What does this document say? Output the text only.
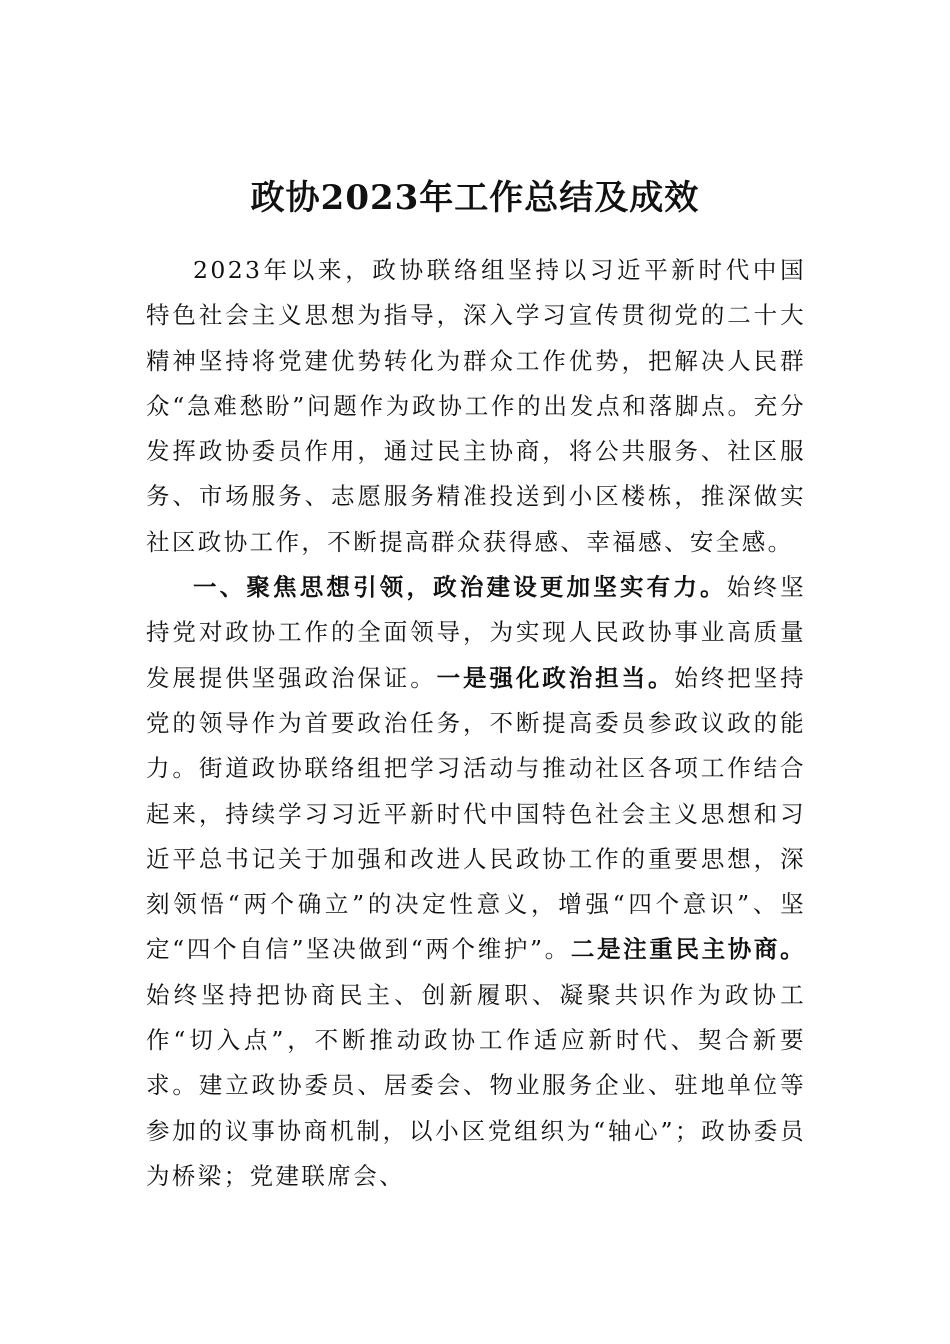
政协2023年工作总结及成效

2023年以来，政协联络组坚持以习近平新时代中国特色社会主义思想为指导，深入学习宣传贯彻党的二十大精神坚持将党建优势转化为群众工作优势，把解决人民群众“急难愁盼”问题作为政协工作的出发点和落脚点。充分发挥政协委员作用，通过民主协商，将公共服务、社区服务、市场服务、志愿服务精准投送到小区楼栋，推深做实社区政协工作，不断提高群众获得感、幸福感、安全感。

一、聚焦思想引领，政治建设更加坚实有力。始终坚持党对政协工作的全面领导，为实现人民政协事业高质量发展提供坚强政治保证。一是强化政治担当。始终把坚持党的领导作为首要政治任务，不断提高委员参政议政的能力。街道政协联络组把学习活动与推动社区各项工作结合起来，持续学习习近平新时代中国特色社会主义思想和习近平总书记关于加强和改进人民政协工作的重要思想，深刻领悟“两个确立”的决定性意义，增强“四个意识”、坚定“四个自信”坚决做到“两个维护”。二是注重民主协商。始终坚持把协商民主、创新履职、凝聚共识作为政协工作“切入点”，不断推动政协工作适应新时代、契合新要求。建立政协委员、居委会、物业服务企业、驻地单位等参加的议事协商机制，以小区党组织为“轴心”；政协委员为桥梁；党建联席会、
